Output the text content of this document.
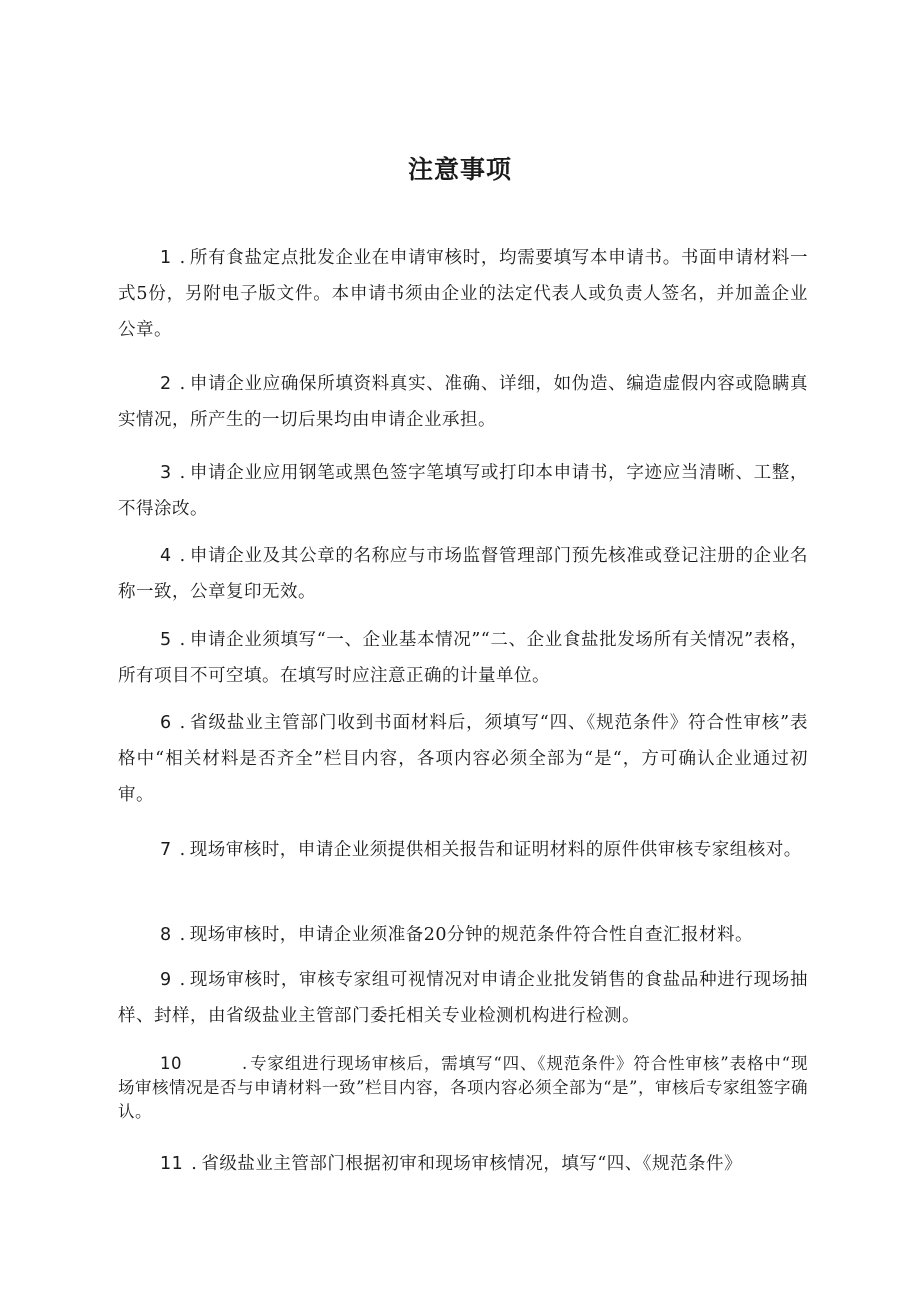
注意事项

1 . 所有食盐定点批发企业在申请审核时，均需要填写本申请书。书面申请材料一式5份，另附电子版文件。本申请书须由企业的法定代表人或负责人签名，并加盖企业公章。

2 . 申请企业应确保所填资料真实、准确、详细，如伪造、编造虚假内容或隐瞒真实情况，所产生的一切后果均由申请企业承担。

3 . 申请企业应用钢笔或黑色签字笔填写或打印本申请书，字迹应当清晰、工整，不得涂改。

4 . 申请企业及其公章的名称应与市场监督管理部门预先核准或登记注册的企业名称一致，公章复印无效。

5 . 申请企业须填写“一、企业基本情况”“二、企业食盐批发场所有关情况”表格，所有项目不可空填。在填写时应注意正确的计量单位。

6 . 省级盐业主管部门收到书面材料后，须填写“四、《规范条件》符合性审核”表格中“相关材料是否齐全”栏目内容，各项内容必须全部为“是“，方可确认企业通过初审。

7 . 现场审核时，申请企业须提供相关报告和证明材料的原件供审核专家组核对。

8 . 现场审核时，申请企业须准备20分钟的规范条件符合性自查汇报材料。

9 . 现场审核时，审核专家组可视情况对申请企业批发销售的食盐品种进行现场抽样、封样，由省级盐业主管部门委托相关专业检测机构进行检测。

10	. 专家组进行现场审核后，需填写“四、《规范条件》符合性审核”表格中“现场审核情况是否与申请材料一致”栏目内容，各项内容必须全部为“是”，审核后专家组签字确认。

11 . 省级盐业主管部门根据初审和现场审核情况，填写“四、《规范条件》
